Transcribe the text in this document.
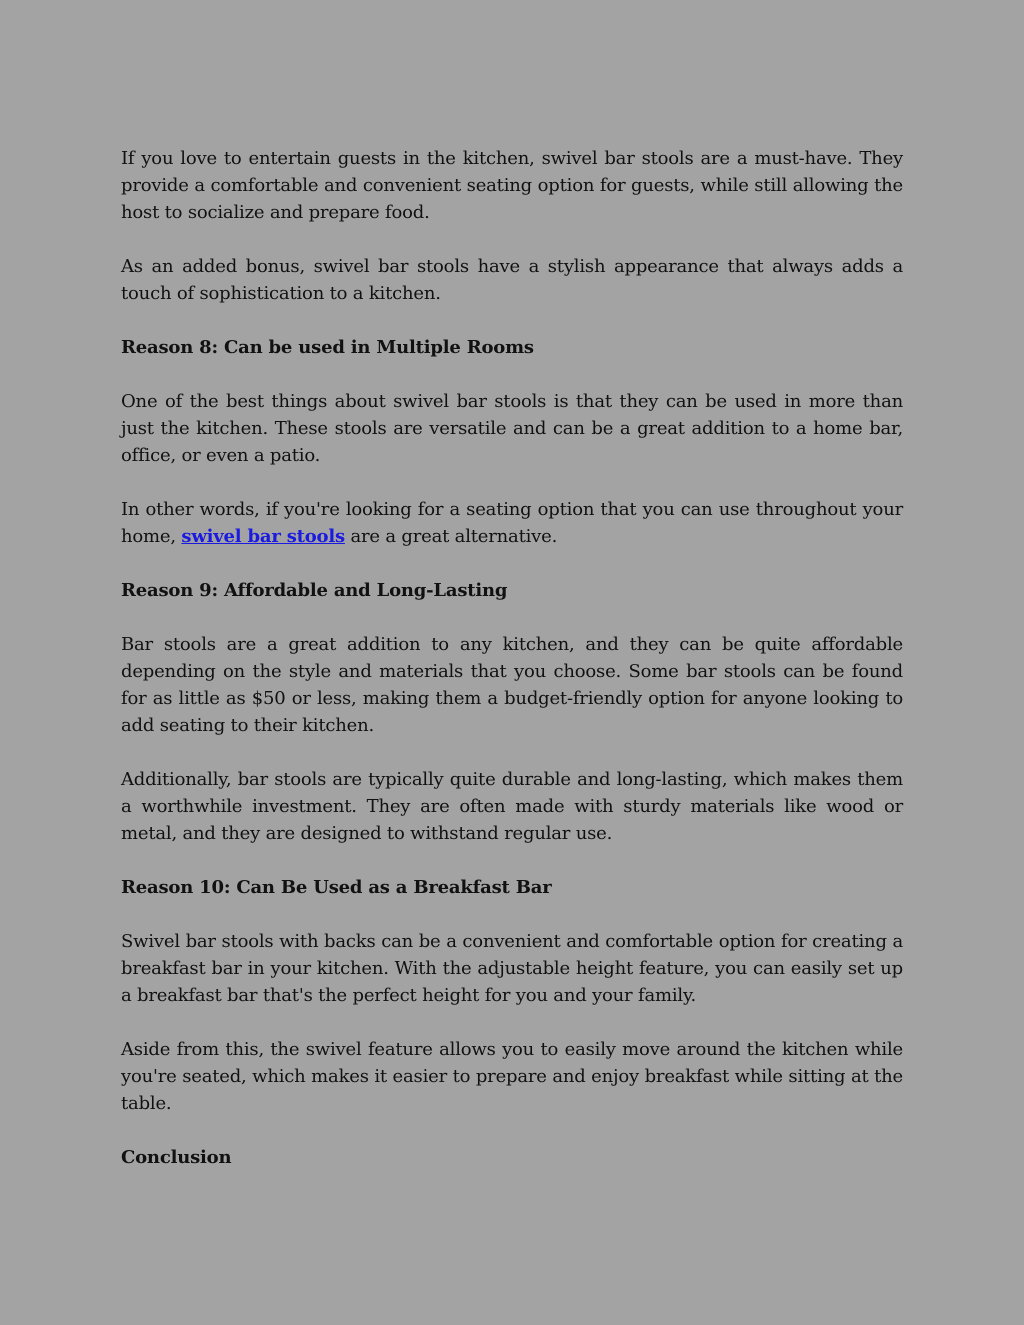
If you love to entertain guests in the kitchen, swivel bar stools are a must-have. They provide a comfortable and convenient seating option for guests, while still allowing the host to socialize and prepare food.

As an added bonus, swivel bar stools have a stylish appearance that always adds a touch of sophistication to a kitchen.

Reason 8: Can be used in Multiple Rooms

One of the best things about swivel bar stools is that they can be used in more than just the kitchen. These stools are versatile and can be a great addition to a home bar, office, or even a patio.

In other words, if you're looking for a seating option that you can use throughout your home, swivel bar stools are a great alternative.

Reason 9: Affordable and Long-Lasting

Bar stools are a great addition to any kitchen, and they can be quite affordable depending on the style and materials that you choose. Some bar stools can be found for as little as $50 or less, making them a budget-friendly option for anyone looking to add seating to their kitchen.

Additionally, bar stools are typically quite durable and long-lasting, which makes them a worthwhile investment. They are often made with sturdy materials like wood or metal, and they are designed to withstand regular use.

Reason 10: Can Be Used as a Breakfast Bar

Swivel bar stools with backs can be a convenient and comfortable option for creating a breakfast bar in your kitchen. With the adjustable height feature, you can easily set up a breakfast bar that's the perfect height for you and your family.

Aside from this, the swivel feature allows you to easily move around the kitchen while you're seated, which makes it easier to prepare and enjoy breakfast while sitting at the table.

Conclusion
